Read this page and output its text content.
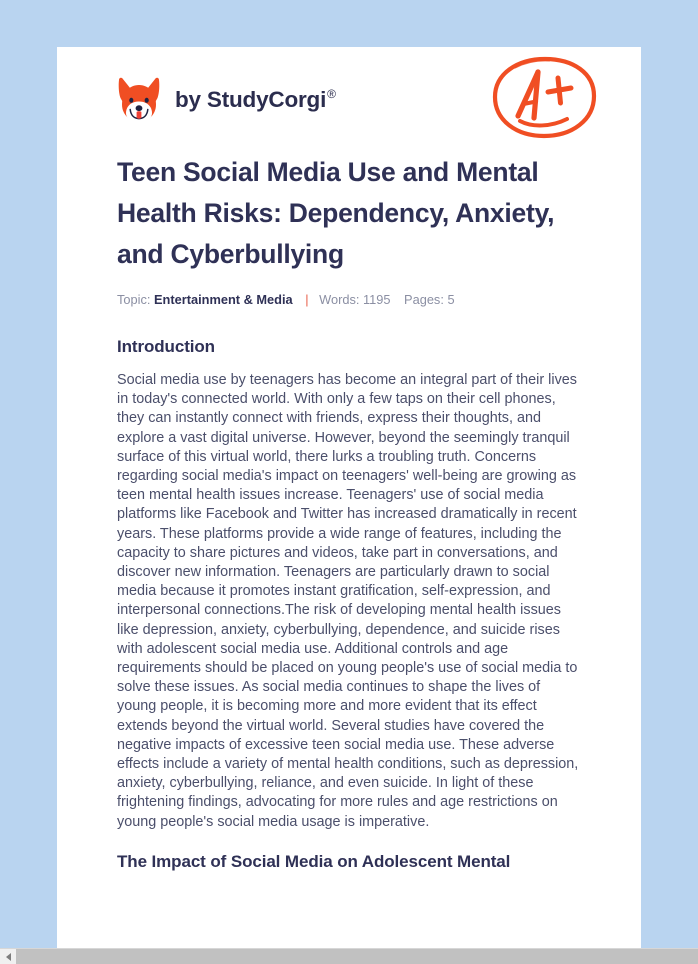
by StudyCorgi®
Teen Social Media Use and Mental Health Risks: Dependency, Anxiety, and Cyberbullying
Topic: Entertainment & Media | Words: 1195 Pages: 5
Introduction

Social media use by teenagers has become an integral part of their lives in today's connected world. With only a few taps on their cell phones, they can instantly connect with friends, express their thoughts, and explore a vast digital universe. However, beyond the seemingly tranquil surface of this virtual world, there lurks a troubling truth. Concerns regarding social media's impact on teenagers' well-being are growing as teen mental health issues increase. Teenagers' use of social media platforms like Facebook and Twitter has increased dramatically in recent years. These platforms provide a wide range of features, including the capacity to share pictures and videos, take part in conversations, and discover new information. Teenagers are particularly drawn to social media because it promotes instant gratification, self-expression, and interpersonal connections.The risk of developing mental health issues like depression, anxiety, cyberbullying, dependence, and suicide rises with adolescent social media use. Additional controls and age requirements should be placed on young people's use of social media to solve these issues. As social media continues to shape the lives of young people, it is becoming more and more evident that its effect extends beyond the virtual world. Several studies have covered the negative impacts of excessive teen social media use. These adverse effects include a variety of mental health conditions, such as depression, anxiety, cyberbullying, reliance, and even suicide. In light of these frightening findings, advocating for more rules and age restrictions on young people's social media usage is imperative.

The Impact of Social Media on Adolescent Mental
